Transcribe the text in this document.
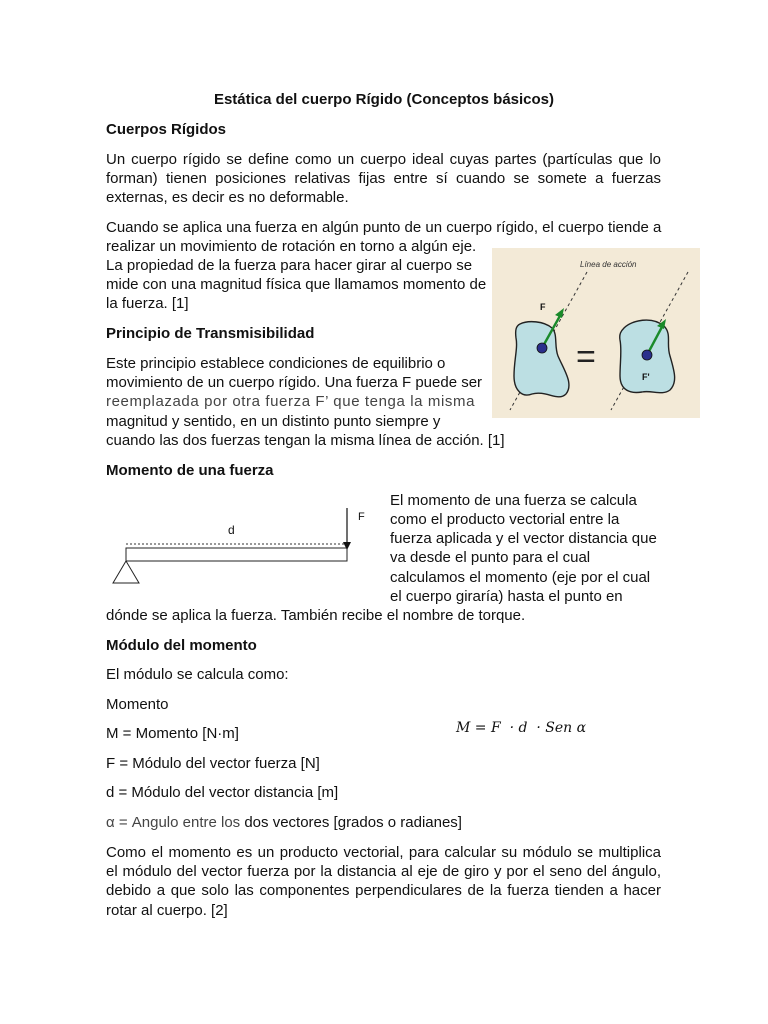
Estática del cuerpo Rígido (Conceptos básicos)
Cuerpos Rígidos
Un cuerpo rígido se define como un cuerpo ideal cuyas partes (partículas que lo forman) tienen posiciones relativas fijas entre sí cuando se somete a fuerzas externas, es decir es no deformable.
Cuando se aplica una fuerza en algún punto de un cuerpo rígido, el cuerpo tiende a
realizar un movimiento de rotación en torno a algún eje.
La propiedad de la fuerza para hacer girar al cuerpo se
mide con una magnitud física que llamamos momento de
la fuerza. [1]
Línea de acción
F
F'
=
Principio de Transmisibilidad
Este principio establece condiciones de equilibrio o
movimiento de un cuerpo rígido. Una fuerza F puede ser
reemplazada por otra fuerza F’ que tenga la misma
magnitud y sentido, en un distinto punto siempre y
cuando las dos fuerzas tengan la misma línea de acción. [1]
Momento de una fuerza
d
F
El momento de una fuerza se calcula
como el producto vectorial entre la
fuerza aplicada y el vector distancia que
va desde el punto para el cual
calculamos el momento (eje por el cual
el cuerpo giraría) hasta el punto en
dónde se aplica la fuerza. También recibe el nombre de torque.
Módulo del momento
El módulo se calcula como:
Momento
M = Momento [N·m]	M = F  · d  · Sen α
F = Módulo del vector fuerza [N]
d = Módulo del vector distancia [m]
α = Angulo entre los dos vectores [grados o radianes]
Como el momento es un producto vectorial, para calcular su módulo se multiplica el módulo del vector fuerza por la distancia al eje de giro y por el seno del ángulo, debido a que solo las componentes perpendiculares de la fuerza tienden a hacer rotar al cuerpo. [2]
